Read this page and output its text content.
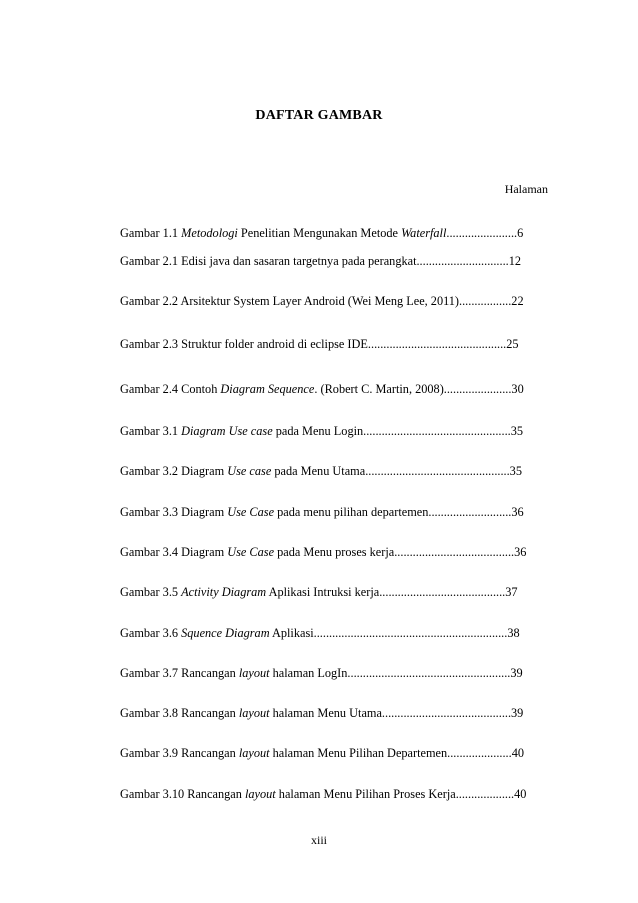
DAFTAR GAMBAR
Halaman
Gambar 1.1 Metodologi Penelitian Mengunakan Metode Waterfall.......................6
Gambar 2.1 Edisi java dan sasaran targetnya pada perangkat..............................12
Gambar 2.2 Arsitektur System Layer Android (Wei Meng Lee, 2011).................22
Gambar 2.3 Struktur folder android di eclipse IDE.............................................25
Gambar 2.4 Contoh Diagram Sequence. (Robert C. Martin, 2008)......................30
Gambar 3.1 Diagram Use case pada Menu Login................................................35
Gambar 3.2 Diagram Use case pada Menu Utama...............................................35
Gambar 3.3 Diagram Use Case pada menu pilihan departemen...........................36
Gambar 3.4 Diagram Use Case pada Menu proses kerja.......................................36
Gambar 3.5 Activity Diagram Aplikasi Intruksi kerja.........................................37
Gambar 3.6 Squence Diagram Aplikasi...............................................................38
Gambar 3.7 Rancangan layout halaman LogIn.....................................................39
Gambar 3.8 Rancangan layout halaman Menu Utama..........................................39
Gambar 3.9 Rancangan layout halaman Menu Pilihan Departemen.....................40
Gambar 3.10 Rancangan layout halaman Menu Pilihan Proses Kerja...................40
xiii
